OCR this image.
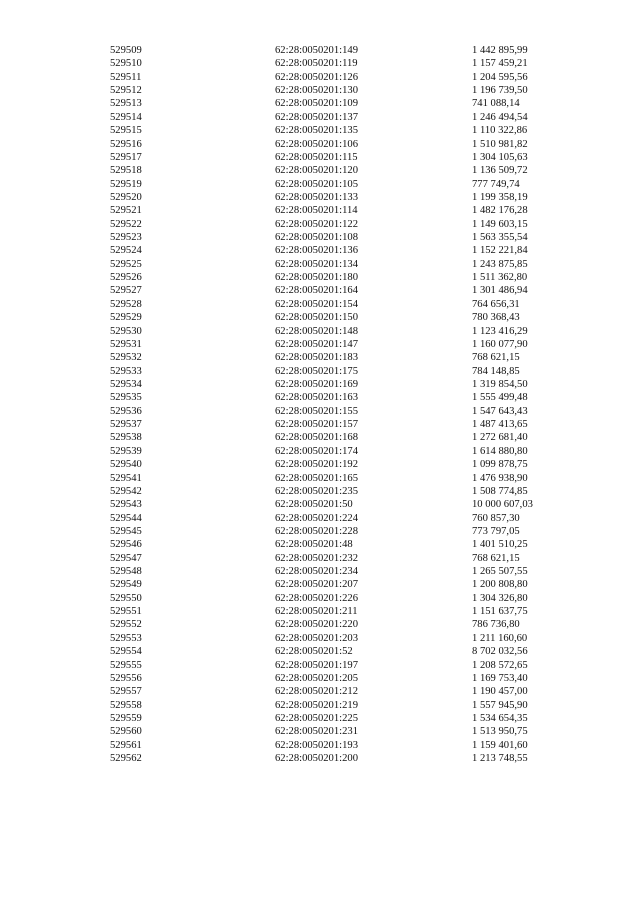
529509	62:28:0050201:149	1 442 895,99
529510	62:28:0050201:119	1 157 459,21
529511	62:28:0050201:126	1 204 595,56
529512	62:28:0050201:130	1 196 739,50
529513	62:28:0050201:109	741 088,14
529514	62:28:0050201:137	1 246 494,54
529515	62:28:0050201:135	1 110 322,86
529516	62:28:0050201:106	1 510 981,82
529517	62:28:0050201:115	1 304 105,63
529518	62:28:0050201:120	1 136 509,72
529519	62:28:0050201:105	777 749,74
529520	62:28:0050201:133	1 199 358,19
529521	62:28:0050201:114	1 482 176,28
529522	62:28:0050201:122	1 149 603,15
529523	62:28:0050201:108	1 563 355,54
529524	62:28:0050201:136	1 152 221,84
529525	62:28:0050201:134	1 243 875,85
529526	62:28:0050201:180	1 511 362,80
529527	62:28:0050201:164	1 301 486,94
529528	62:28:0050201:154	764 656,31
529529	62:28:0050201:150	780 368,43
529530	62:28:0050201:148	1 123 416,29
529531	62:28:0050201:147	1 160 077,90
529532	62:28:0050201:183	768 621,15
529533	62:28:0050201:175	784 148,85
529534	62:28:0050201:169	1 319 854,50
529535	62:28:0050201:163	1 555 499,48
529536	62:28:0050201:155	1 547 643,43
529537	62:28:0050201:157	1 487 413,65
529538	62:28:0050201:168	1 272 681,40
529539	62:28:0050201:174	1 614 880,80
529540	62:28:0050201:192	1 099 878,75
529541	62:28:0050201:165	1 476 938,90
529542	62:28:0050201:235	1 508 774,85
529543	62:28:0050201:50	10 000 607,03
529544	62:28:0050201:224	760 857,30
529545	62:28:0050201:228	773 797,05
529546	62:28:0050201:48	1 401 510,25
529547	62:28:0050201:232	768 621,15
529548	62:28:0050201:234	1 265 507,55
529549	62:28:0050201:207	1 200 808,80
529550	62:28:0050201:226	1 304 326,80
529551	62:28:0050201:211	1 151 637,75
529552	62:28:0050201:220	786 736,80
529553	62:28:0050201:203	1 211 160,60
529554	62:28:0050201:52	8 702 032,56
529555	62:28:0050201:197	1 208 572,65
529556	62:28:0050201:205	1 169 753,40
529557	62:28:0050201:212	1 190 457,00
529558	62:28:0050201:219	1 557 945,90
529559	62:28:0050201:225	1 534 654,35
529560	62:28:0050201:231	1 513 950,75
529561	62:28:0050201:193	1 159 401,60
529562	62:28:0050201:200	1 213 748,55
